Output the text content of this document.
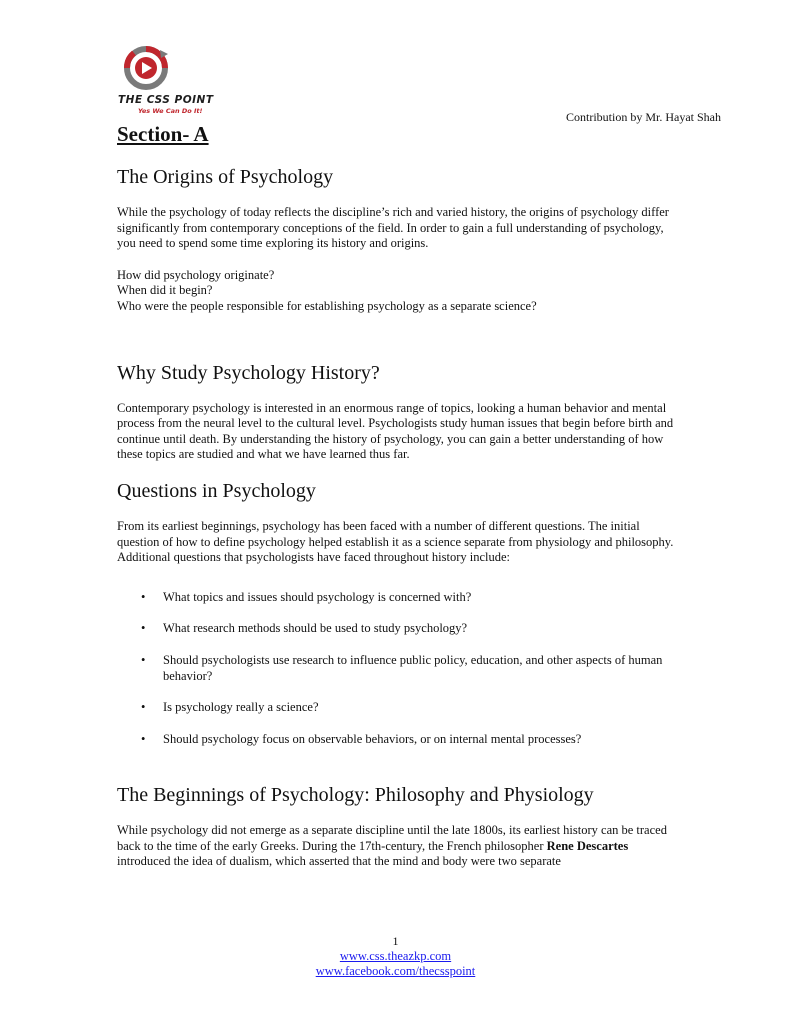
THE CSS POINT
Yes We Can Do It!	Contribution by Mr. Hayat Shah
Section- A
The Origins of Psychology

While the psychology of today reflects the discipline’s rich and varied history, the origins of psychology differ significantly from contemporary conceptions of the field. In order to gain a full understanding of psychology, you need to spend some time exploring its history and origins.

How did psychology originate?
When did it begin?
Who were the people responsible for establishing psychology as a separate science?
Why Study Psychology History?

Contemporary psychology is interested in an enormous range of topics, looking a human behavior and mental process from the neural level to the cultural level. Psychologists study human issues that begin before birth and continue until death. By understanding the history of psychology, you can gain a better understanding of how these topics are studied and what we have learned thus far.

Questions in Psychology

From its earliest beginnings, psychology has been faced with a number of different questions. The initial question of how to define psychology helped establish it as a science separate from physiology and philosophy. Additional questions that psychologists have faced throughout history include:

• What topics and issues should psychology is concerned with?
• What research methods should be used to study psychology?
• Should psychologists use research to influence public policy, education, and other aspects of human behavior?
• Is psychology really a science?
• Should psychology focus on observable behaviors, or on internal mental processes?
The Beginnings of Psychology: Philosophy and Physiology

While psychology did not emerge as a separate discipline until the late 1800s, its earliest history can be traced back to the time of the early Greeks. During the 17th-century, the French philosopher Rene Descartes introduced the idea of dualism, which asserted that the mind and body were two separate

1
www.css.theazkp.com
www.facebook.com/thecsspoint
